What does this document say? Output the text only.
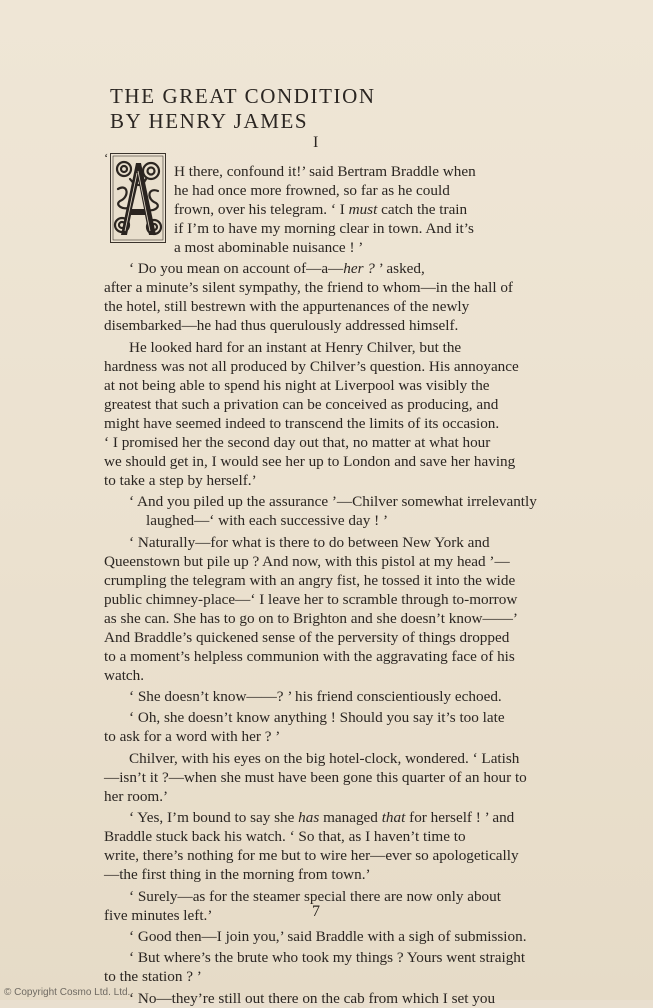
THE GREAT CONDITION
BY HENRY JAMES
I
‘
H there, confound it!’ said Bertram Braddle when
he had once more frowned, so far as he could
frown, over his telegram. ‘ I must catch the train
if I’m to have my morning clear in town. And it’s
a most abominable nuisance ! ’
‘ Do you mean on account of—a—her ? ’ asked,
after a minute’s silent sympathy, the friend to whom—in the hall of
the hotel, still bestrewn with the appurtenances of the newly
disembarked—he had thus querulously addressed himself.
He looked hard for an instant at Henry Chilver, but the
hardness was not all produced by Chilver’s question. His annoyance
at not being able to spend his night at Liverpool was visibly the
greatest that such a privation can be conceived as producing, and
might have seemed indeed to transcend the limits of its occasion.
‘ I promised her the second day out that, no matter at what hour
we should get in, I would see her up to London and save her having
to take a step by herself.’
‘ And you piled up the assurance ’—Chilver somewhat irrelevantly
laughed—‘ with each successive day ! ’
‘ Naturally—for what is there to do between New York and
Queenstown but pile up ? And now, with this pistol at my head ’—
crumpling the telegram with an angry fist, he tossed it into the wide
public chimney-place—‘ I leave her to scramble through to-morrow
as she can. She has to go on to Brighton and she doesn’t know——’
And Braddle’s quickened sense of the perversity of things dropped
to a moment’s helpless communion with the aggravating face of his
watch.
‘ She doesn’t know——? ’ his friend conscientiously echoed.
‘ Oh, she doesn’t know anything ! Should you say it’s too late
to ask for a word with her ? ’
Chilver, with his eyes on the big hotel-clock, wondered. ‘ Latish
—isn’t it ?—when she must have been gone this quarter of an hour to
her room.’
‘ Yes, I’m bound to say she has managed that for herself ! ’ and
Braddle stuck back his watch. ‘ So that, as I haven’t time to
write, there’s nothing for me but to wire her—ever so apologetically
—the first thing in the morning from town.’
‘ Surely—as for the steamer special there are now only about
five minutes left.’
‘ Good then—I join you,’ said Braddle with a sigh of submission.
‘ But where’s the brute who took my things ? Yours went straight
to the station ? ’
‘ No—they’re still out there on the cab from which I set you
7
© Copyright Cosmo Ltd. Ltd.
